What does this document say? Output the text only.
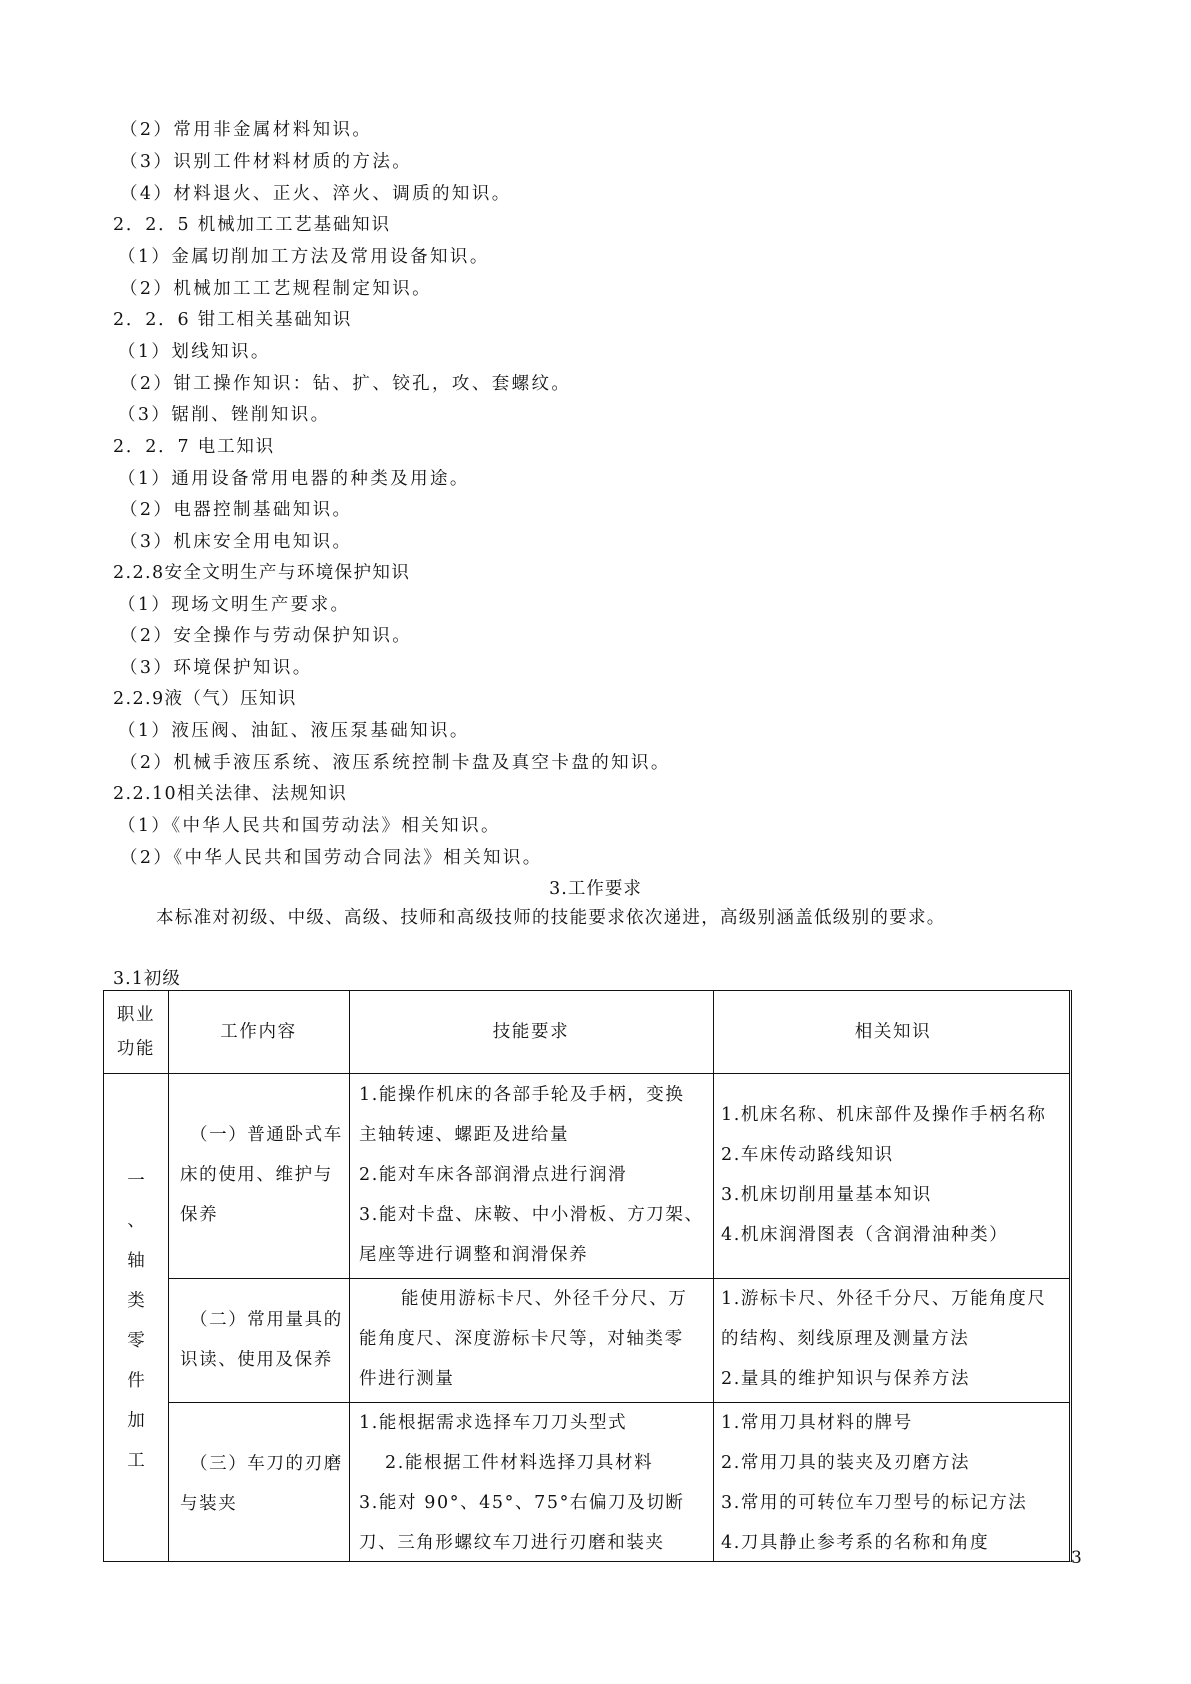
（2）常用非金属材料知识。
（3）识别工件材料材质的方法。
（4）材料退火、正火、淬火、调质的知识。
2．2．5 机械加工工艺基础知识
（1）金属切削加工方法及常用设备知识。
（2）机械加工工艺规程制定知识。
2．2．6 钳工相关基础知识
（1）划线知识。
（2）钳工操作知识：钻、扩、铰孔，攻、套螺纹。
（3）锯削、锉削知识。
2．2．7 电工知识
（1）通用设备常用电器的种类及用途。
（2）电器控制基础知识。
（3）机床安全用电知识。
2.2.8安全文明生产与环境保护知识
（1）现场文明生产要求。
（2）安全操作与劳动保护知识。
（3）环境保护知识。
2.2.9液（气）压知识
（1）液压阀、油缸、液压泵基础知识。
（2）机械手液压系统、液压系统控制卡盘及真空卡盘的知识。
2.2.10相关法律、法规知识
（1）《中华人民共和国劳动法》相关知识。
（2）《中华人民共和国劳动合同法》相关知识。
3.工作要求
本标准对初级、中级、高级、技师和高级技师的技能要求依次递进，高级别涵盖低级别的要求。
3.1初级
职业
功能
工作内容	技能要求	相关知识
一
、
轴
类
零
件
加
工
（一）普通卧式车
床的使用、维护与
保养
1.能操作机床的各部手轮及手柄，变换
主轴转速、螺距及进给量
2.能对车床各部润滑点进行润滑
3.能对卡盘、床鞍、中小滑板、方刀架、
尾座等进行调整和润滑保养
1.机床名称、机床部件及操作手柄名称
2.车床传动路线知识
3.机床切削用量基本知识
4.机床润滑图表（含润滑油种类）
（二）常用量具的
识读、使用及保养
能使用游标卡尺、外径千分尺、万
能角度尺、深度游标卡尺等，对轴类零
件进行测量
1.游标卡尺、外径千分尺、万能角度尺
的结构、刻线原理及测量方法
2.量具的维护知识与保养方法
（三）车刀的刃磨
与装夹
1.能根据需求选择车刀刀头型式
2.能根据工件材料选择刀具材料
3.能对 90°、45°、75°右偏刀及切断
刀、三角形螺纹车刀进行刃磨和装夹
1.常用刀具材料的牌号
2.常用刀具的装夹及刃磨方法
3.常用的可转位车刀型号的标记方法
4.刀具静止参考系的名称和角度
3
